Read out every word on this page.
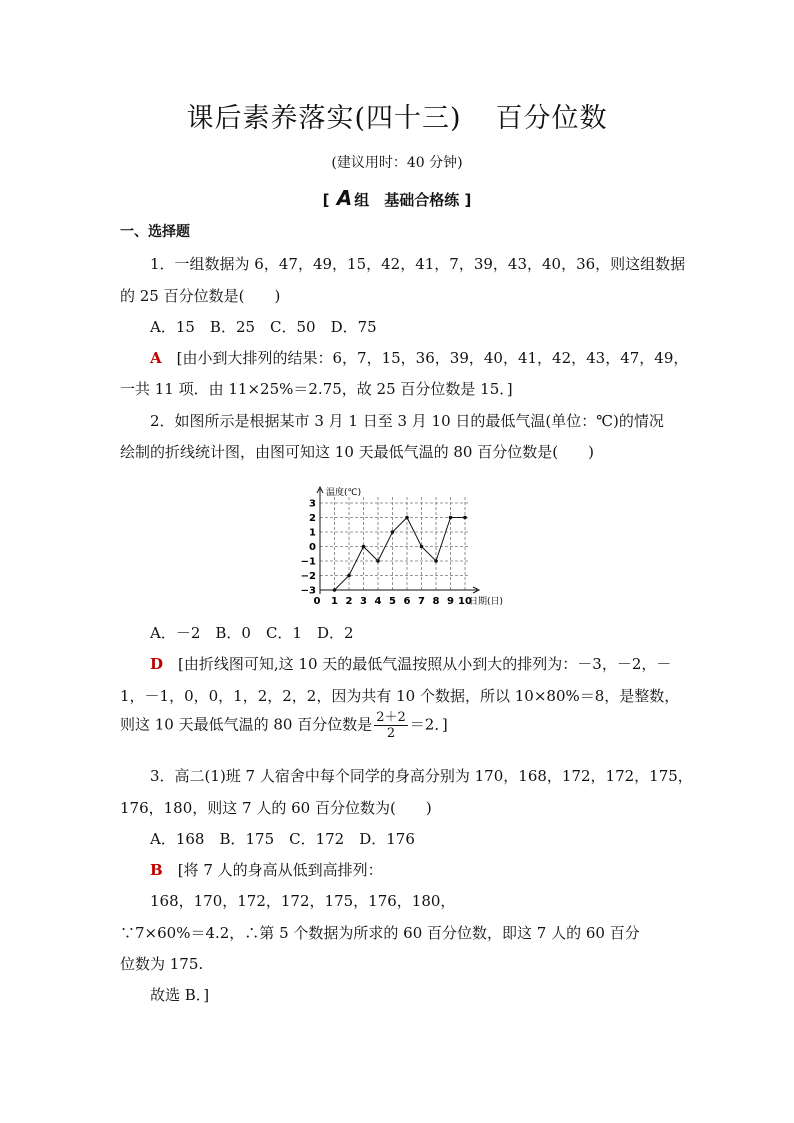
课后素养落实(四十三) 百分位数
(建议用时：40 分钟)
[ A 组　基础合格练 ]
一、选择题
1．一组数据为 6，47，49，15，42，41，7，39，43，40，36，则这组数据
的 25 百分位数是(　　)
A．15　B．25　C．50　D．75
A　 [由小到大排列的结果：6，7，15，36，39，40，41，42，43，47，49，
一共 11 项．由 11×25%＝2.75，故 25 百分位数是 15．]
2．如图所示是根据某市 3 月 1 日至 3 月 10 日的最低气温(单位：℃)的情况
绘制的折线统计图，由图可知这 10 天最低气温的 80 百分位数是(　　)
温度(℃)
日期(日)
0 1 2 3 4 5 6 7 8 9 10
3
2
1
0
−1
−2
−3
A．－2　B．0　C．1　D．2
D　 [由折线图可知,这 10 天的最低气温按照从小到大的排列为：－3，－2，－
1，－1，0，0，1，2，2，2，因为共有 10 个数据，所以 10×80%＝8，是整数，
则这 10 天最低气温的 80 百分位数是 $\frac{2+2}{2} =2$．]
3．高二(1)班 7 人宿舍中每个同学的身高分别为 170，168，172，172，175，
176，180，则这 7 人的 60 百分位数为(　　)
A．168　B．175　C．172　D．176
B　 [将 7 人的身高从低到高排列：
168，170，172，172，175，176，180，
∵7×60%＝4.2，∴第 5 个数据为所求的 60 百分位数，即这 7 人的 60 百分
位数为 175.
故选 B．]
